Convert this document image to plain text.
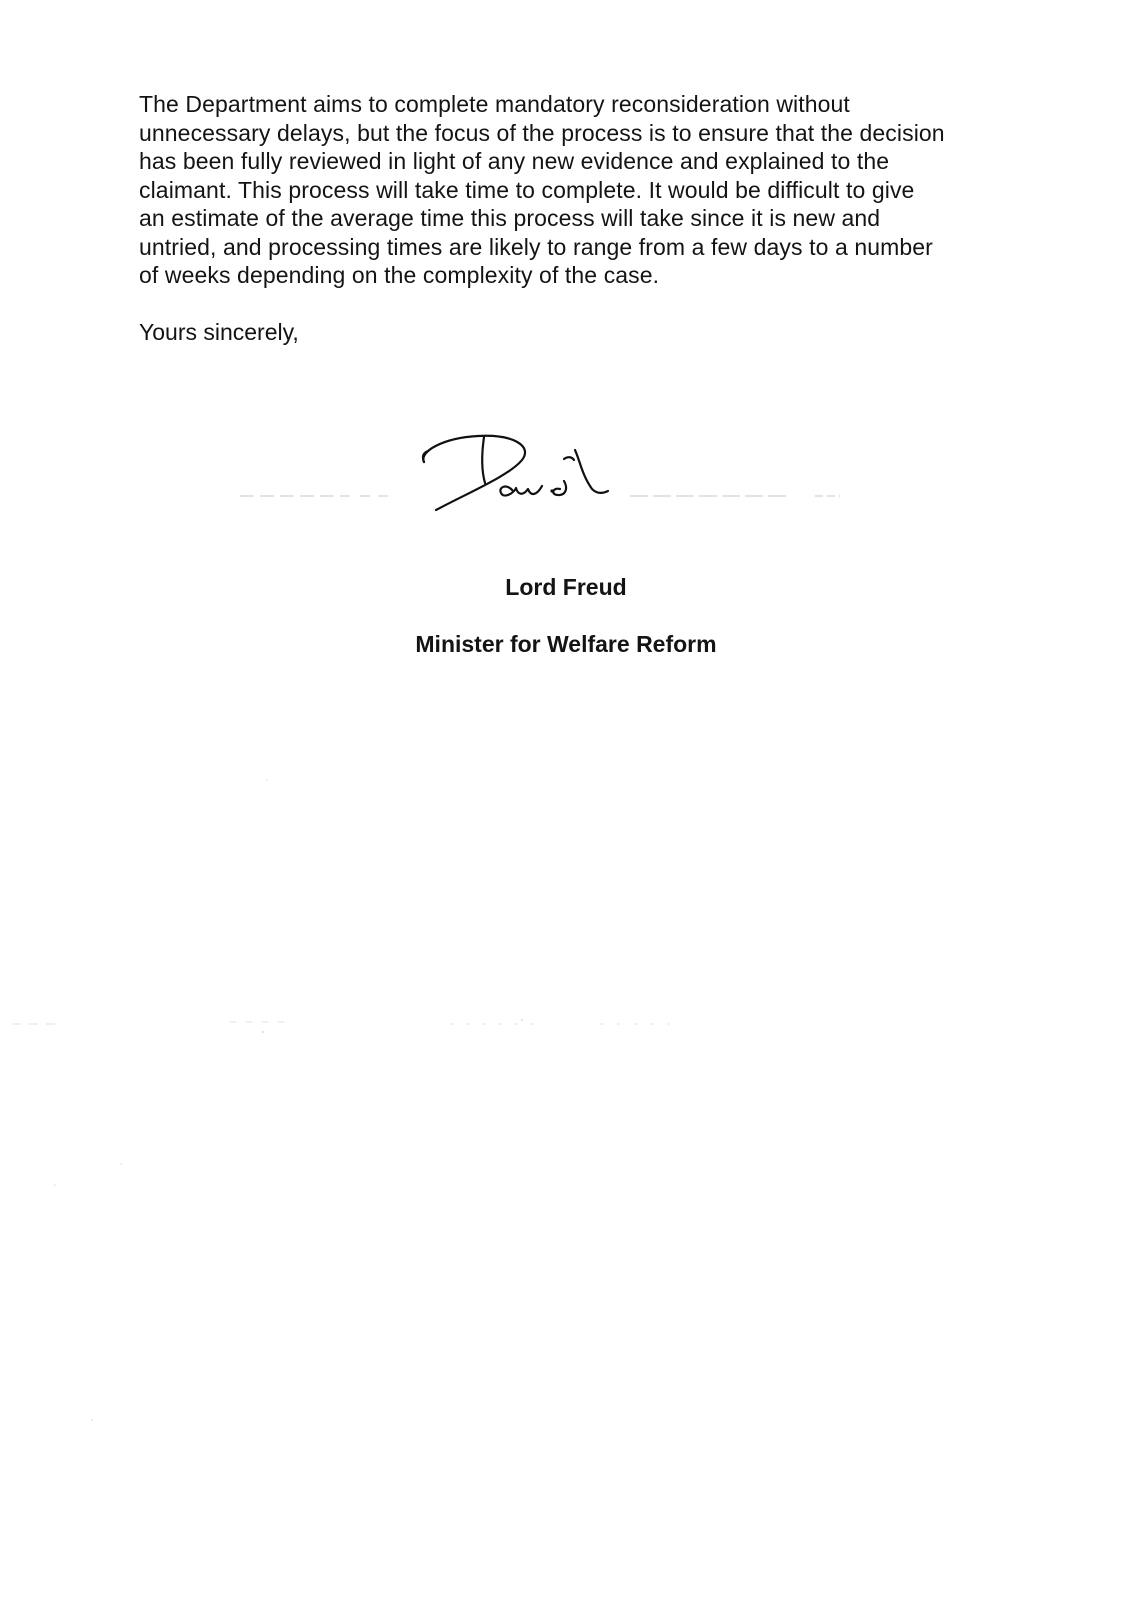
The Department aims to complete mandatory reconsideration without
unnecessary delays, but the focus of the process is to ensure that the decision
has been fully reviewed in light of any new evidence and explained to the
claimant. This process will take time to complete. It would be difficult to give
an estimate of the average time this process will take since it is new and
untried, and processing times are likely to range from a few days to a number
of weeks depending on the complexity of the case.

Yours sincerely,

Lord Freud

Minister for Welfare Reform
